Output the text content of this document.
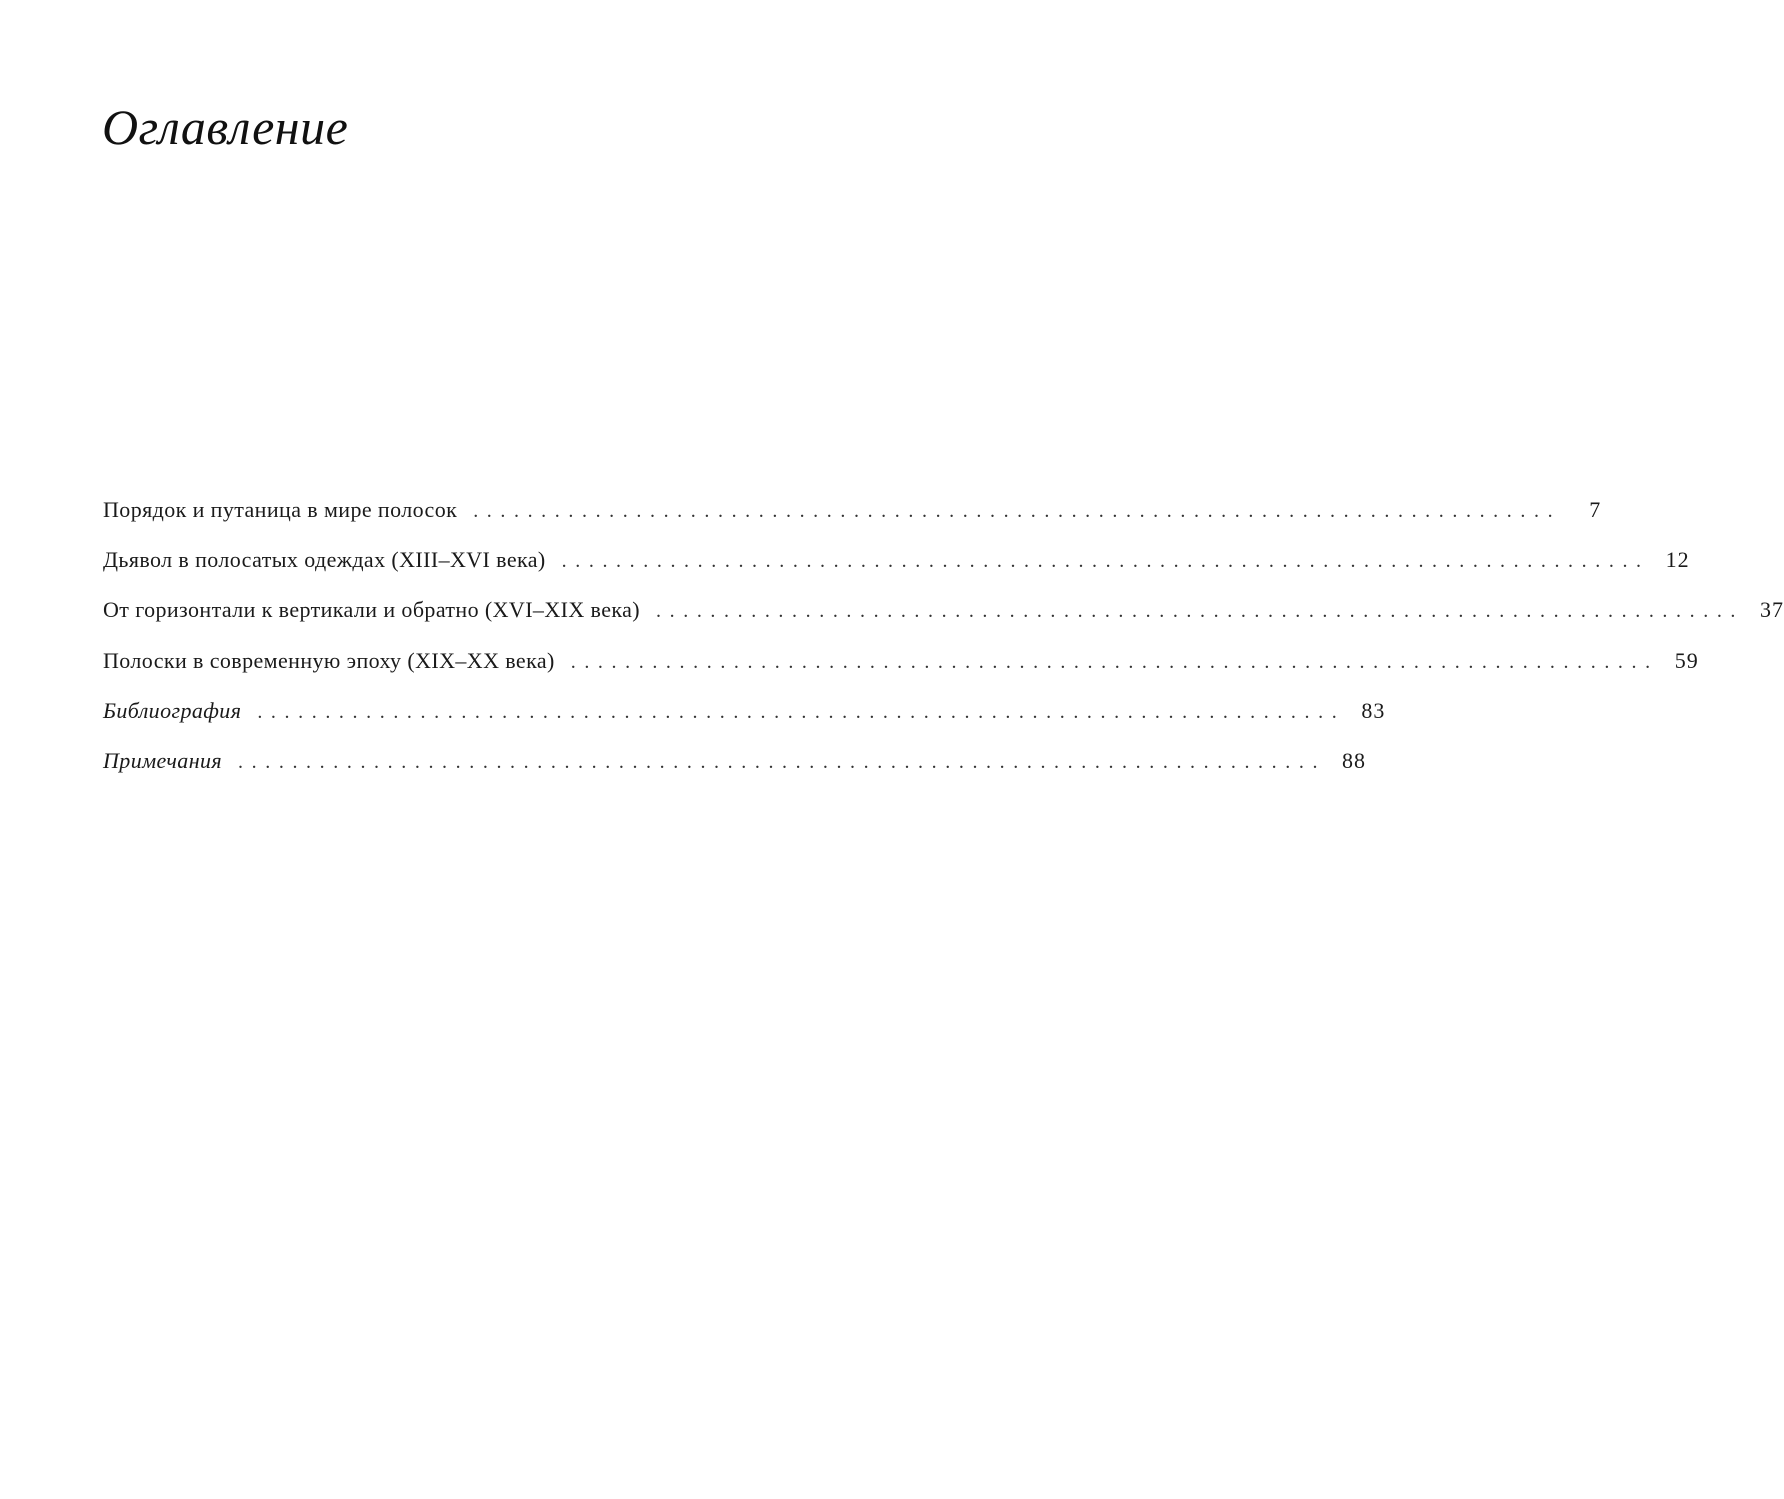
Оглавление
Порядок и путаница в мире полосок ................................................................................	7
Дьявол в полосатых одеждах (XIII–XVI века) ................................................................................ 12
От горизонтали к вертикали и обратно (XVI–XIX века) ................................................................................ 37
Полоски в современную эпоху (XIX–XX века) ................................................................................ 59
Библиография ................................................................................ 83
Примечания ................................................................................ 88
